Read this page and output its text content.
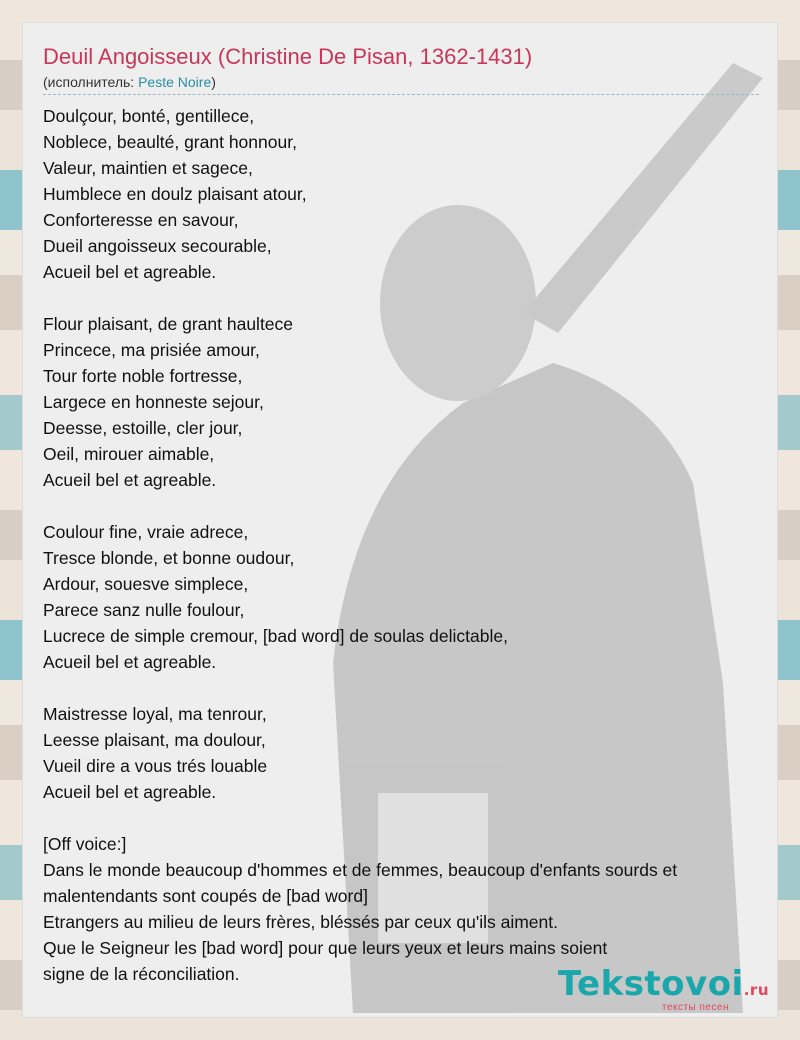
Deuil Angoisseux (Christine De Pisan, 1362-1431)
(исполнитель: Peste Noire)
Doulçour, bonté, gentillece,
Noblece, beaulté, grant honnour,
Valeur, maintien et sagece,
Humblece en doulz plaisant atour,
Conforteresse en savour,
Dueil angoisseux secourable,
Acueil bel et agreable.
Flour plaisant, de grant haultece
Princece, ma prisiée amour,
Tour forte noble fortresse,
Largece en honneste sejour,
Deesse, estoille, cler jour,
Oeil, mirouer aimable,
Acueil bel et agreable.
Coulour fine, vraie adrece,
Tresce blonde, et bonne oudour,
Ardour, souesve simplece,
Parece sanz nulle foulour,
Lucrece de simple cremour, [bad word] de soulas delictable,
Acueil bel et agreable.
Maistresse loyal, ma tenrour,
Leesse plaisant, ma doulour,
Vueil dire a vous trés louable
Acueil bel et agreable.
[Off voice:]
Dans le monde beaucoup d'hommes et de femmes, beaucoup d'enfants sourds et
malentendants sont coupés de [bad word]
Etrangers au milieu de leurs frères, bléssés par ceux qu'ils aiment.
Que le Seigneur les [bad word] pour que leurs yeux et leurs mains soient
signe de la réconciliation.	Tekstovoi.ru
тексты песен
